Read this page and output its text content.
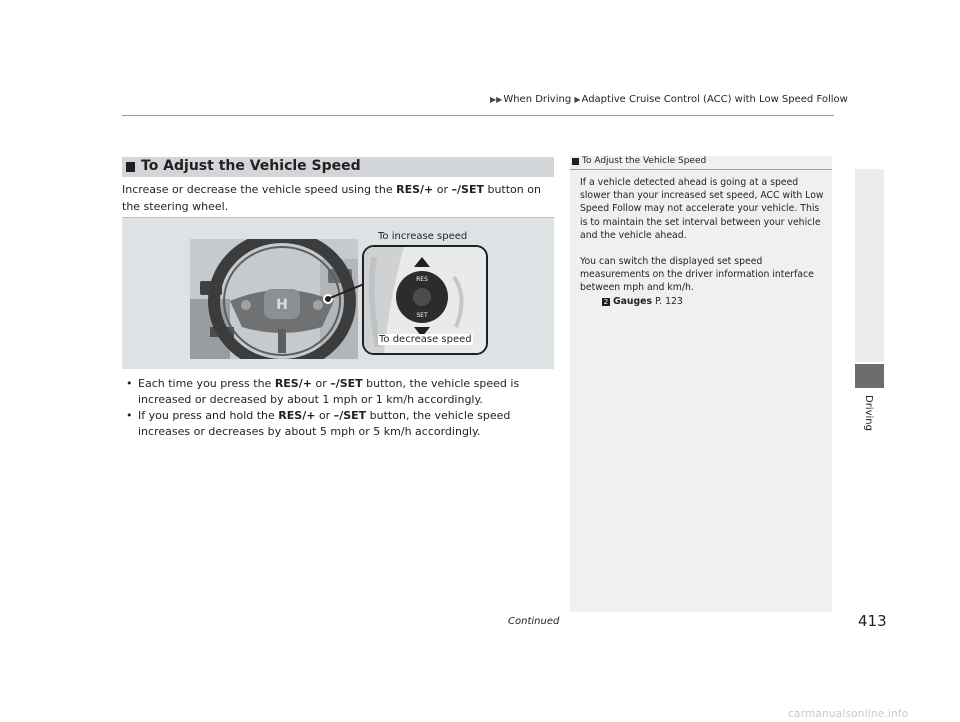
▶▶When Driving ▶Adaptive Cruise Control (ACC) with Low Speed Follow
Driving
To Adjust the Vehicle Speed
Increase or decrease the vehicle speed using the RES/+ or –/SET button on the steering wheel.
H
RES
SET
To increase speed
To decrease speed
• Each time you press the RES/+ or –/SET button, the vehicle speed is increased or decreased by about 1 mph or 1 km/h accordingly.
• If you press and hold the RES/+ or –/SET button, the vehicle speed increases or decreases by about 5 mph or 5 km/h accordingly.
To Adjust the Vehicle Speed

If a vehicle detected ahead is going at a speed slower than your increased set speed, ACC with Low Speed Follow may not accelerate your vehicle. This is to maintain the set interval between your vehicle and the vehicle ahead.

You can switch the displayed set speed measurements on the driver information interface between mph and km/h.

2 Gauges P. 123
Continued	413
carmanualsonline.info
